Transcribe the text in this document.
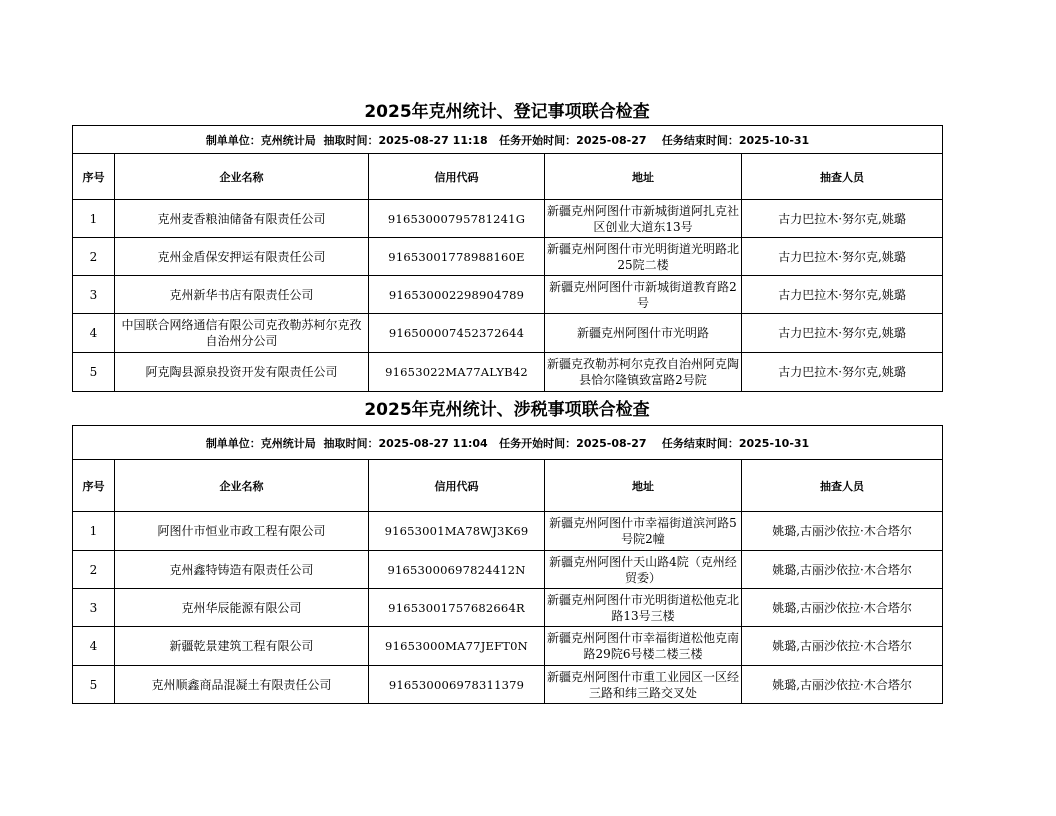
2025年克州统计、登记事项联合检查
制单单位：克州统计局  抽取时间：2025-08-27 11:18   任务开始时间：2025-08-27    任务结束时间：2025-10-31				
序号	企业名称	信用代码	地址	抽查人员
1	克州麦香粮油储备有限责任公司	91653000795781241G	新疆克州阿图什市新城街道阿扎克社区创业大道东13号	古力巴拉木·努尔克,姚璐
2	克州金盾保安押运有限责任公司	91653001778988160E	新疆克州阿图什市光明街道光明路北25院二楼	古力巴拉木·努尔克,姚璐
3	克州新华书店有限责任公司	916530002298904789	新疆克州阿图什市新城街道教育路2号	古力巴拉木·努尔克,姚璐
4	中国联合网络通信有限公司克孜勒苏柯尔克孜自治州分公司	916500007452372644	新疆克州阿图什市光明路	古力巴拉木·努尔克,姚璐
5	阿克陶县源泉投资开发有限责任公司	91653022MA77ALYB42	新疆克孜勒苏柯尔克孜自治州阿克陶县恰尔隆镇致富路2号院	古力巴拉木·努尔克,姚璐
2025年克州统计、涉税事项联合检查
制单单位：克州统计局  抽取时间：2025-08-27 11:04   任务开始时间：2025-08-27    任务结束时间：2025-10-31				
序号	企业名称	信用代码	地址	抽查人员
1	阿图什市恒业市政工程有限公司	91653001MA78WJ3K69	新疆克州阿图什市幸福街道滨河路5号院2幢	姚璐,古丽沙依拉·木合塔尔
2	克州鑫特铸造有限责任公司	91653000697824412N	新疆克州阿图什天山路4院（克州经贸委）	姚璐,古丽沙依拉·木合塔尔
3	克州华辰能源有限公司	91653001757682664R	新疆克州阿图什市光明街道松他克北路13号三楼	姚璐,古丽沙依拉·木合塔尔
4	新疆乾景建筑工程有限公司	91653000MA77JEFT0N	新疆克州阿图什市幸福街道松他克南路29院6号楼二楼三楼	姚璐,古丽沙依拉·木合塔尔
5	克州顺鑫商品混凝土有限责任公司	916530006978311379	新疆克州阿图什市重工业园区一区经三路和纬三路交叉处	姚璐,古丽沙依拉·木合塔尔
